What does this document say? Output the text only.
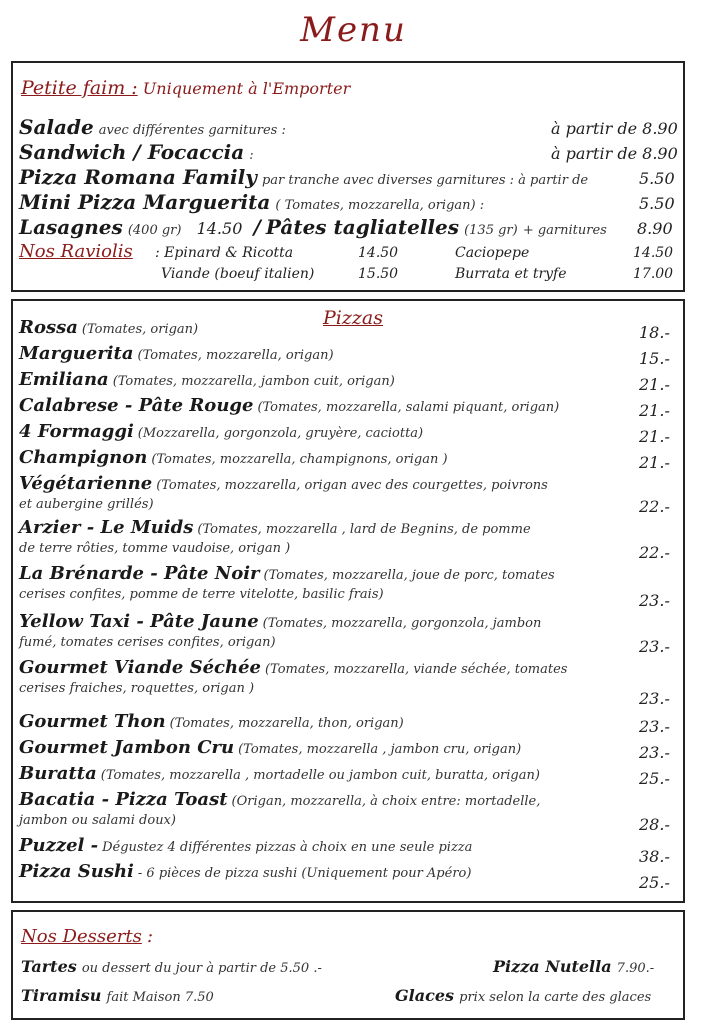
Menu
Petite faim : Uniquement à l'Emporter
Salade avec différentes garnitures :	à partir de 8.90
Sandwich / Focaccia :	à partir de 8.90
Pizza Romana Family par tranche avec diverses garnitures : à partir de	5.50
Mini Pizza Marguerita ( Tomates, mozzarella, origan) :	5.50
Lasagnes (400 gr) 14.50 / Pâtes tagliatelles (135 gr) + garnitures 8.90
Nos Raviolis : Epinard & Ricotta	14.50	Caciopepe	14.50
Viande (boeuf italien)	15.50	Burrata et tryfe	17.00
Pizzas
Rossa (Tomates, origan)	18.-
Marguerita (Tomates, mozzarella, origan)	15.-
Emiliana (Tomates, mozzarella, jambon cuit, origan)	21.-
Calabrese - Pâte Rouge (Tomates, mozzarella, salami piquant, origan)	21.-
4 Formaggi (Mozzarella, gorgonzola, gruyère, caciotta)	21.-
Champignon (Tomates, mozzarella, champignons, origan )	21.-
Végétarienne (Tomates, mozzarella, origan avec des courgettes, poivrons
et aubergine grillés)	22.-
Arzier - Le Muids (Tomates, mozzarella , lard de Begnins, de pomme
de terre rôties, tomme vaudoise, origan )	22.-
La Brénarde - Pâte Noir (Tomates, mozzarella, joue de porc, tomates
cerises confites, pomme de terre vitelotte, basilic frais)	23.-
Yellow Taxi - Pâte Jaune (Tomates, mozzarella, gorgonzola, jambon
fumé, tomates cerises confites, origan)	23.-
Gourmet Viande Séchée (Tomates, mozzarella, viande séchée, tomates
cerises fraiches, roquettes, origan )
23.-
Gourmet Thon (Tomates, mozzarella, thon, origan)	23.-
Gourmet Jambon Cru (Tomates, mozzarella , jambon cru, origan)	23.-
Buratta (Tomates, mozzarella , mortadelle ou jambon cuit, buratta, origan)	25.-
Bacatia - Pizza Toast (Origan, mozzarella, à choix entre: mortadelle,
jambon ou salami doux)	28.-
Puzzel - Dégustez 4 différentes pizzas à choix en une seule pizza	38.-
Pizza Sushi - 6 pièces de pizza sushi (Uniquement pour Apéro)	25.-
Nos Desserts :
Tartes ou dessert du jour à partir de 5.50 .-	Pizza Nutella 7.90.-
Tiramisu fait Maison 7.50	Glaces prix selon la carte des glaces
